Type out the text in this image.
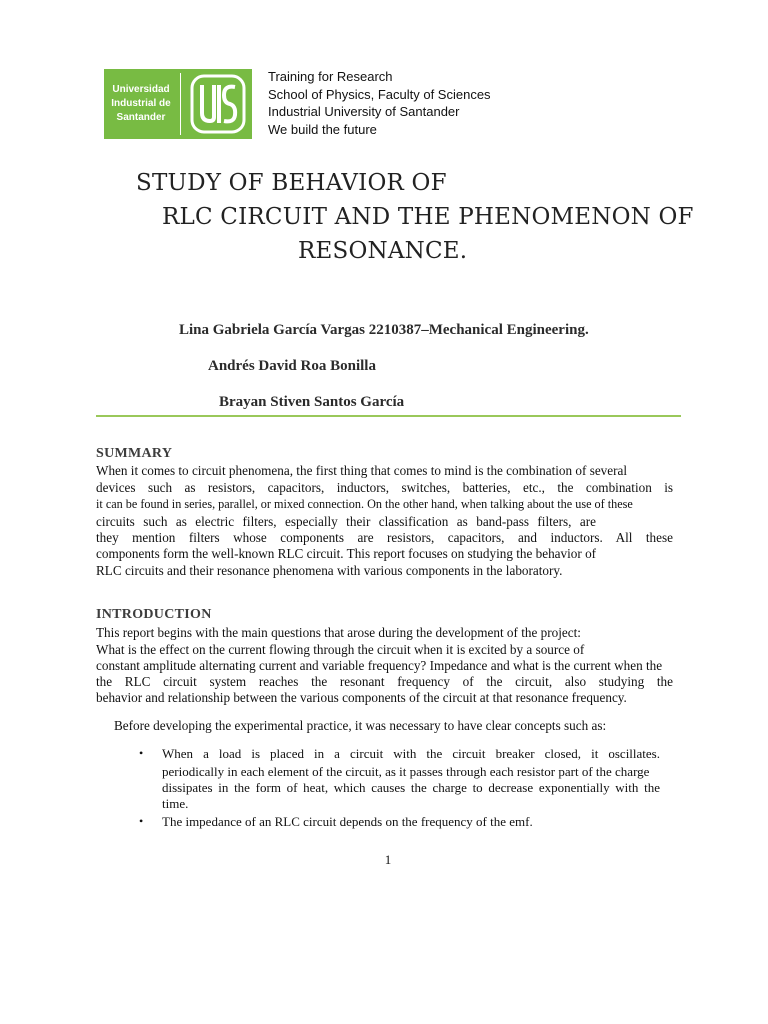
Universidad
Industrial de
Santander
Training for Research
School of Physics, Faculty of Sciences
Industrial University of Santander
We build the future
STUDY OF BEHAVIOR OF
RLC CIRCUIT AND THE PHENOMENON OF
RESONANCE.
Lina Gabriela García Vargas 2210387–Mechanical Engineering.
Andrés David Roa Bonilla
Brayan Stiven Santos García
SUMMARY
When it comes to circuit phenomena, the first thing that comes to mind is the combination of several
devices such as resistors, capacitors, inductors, switches, batteries, etc., the combination is
it can be found in series, parallel, or mixed connection. On the other hand, when talking about the use of these
circuits such as electric filters, especially their classification as band-pass filters, are
they mention filters whose components are resistors, capacitors, and inductors. All these
components form the well-known RLC circuit. This report focuses on studying the behavior of
RLC circuits and their resonance phenomena with various components in the laboratory.
INTRODUCTION
This report begins with the main questions that arose during the development of the project:
What is the effect on the current flowing through the circuit when it is excited by a source of
constant amplitude alternating current and variable frequency? Impedance and what is the current when the
the RLC circuit system reaches the resonant frequency of the circuit, also studying the
behavior and relationship between the various components of the circuit at that resonance frequency.
Before developing the experimental practice, it was necessary to have clear concepts such as:
• When a load is placed in a circuit with the circuit breaker closed, it oscillates.
periodically in each element of the circuit, as it passes through each resistor part of the charge
dissipates in the form of heat, which causes the charge to decrease exponentially with the
time.
• The impedance of an RLC circuit depends on the frequency of the emf.
1
